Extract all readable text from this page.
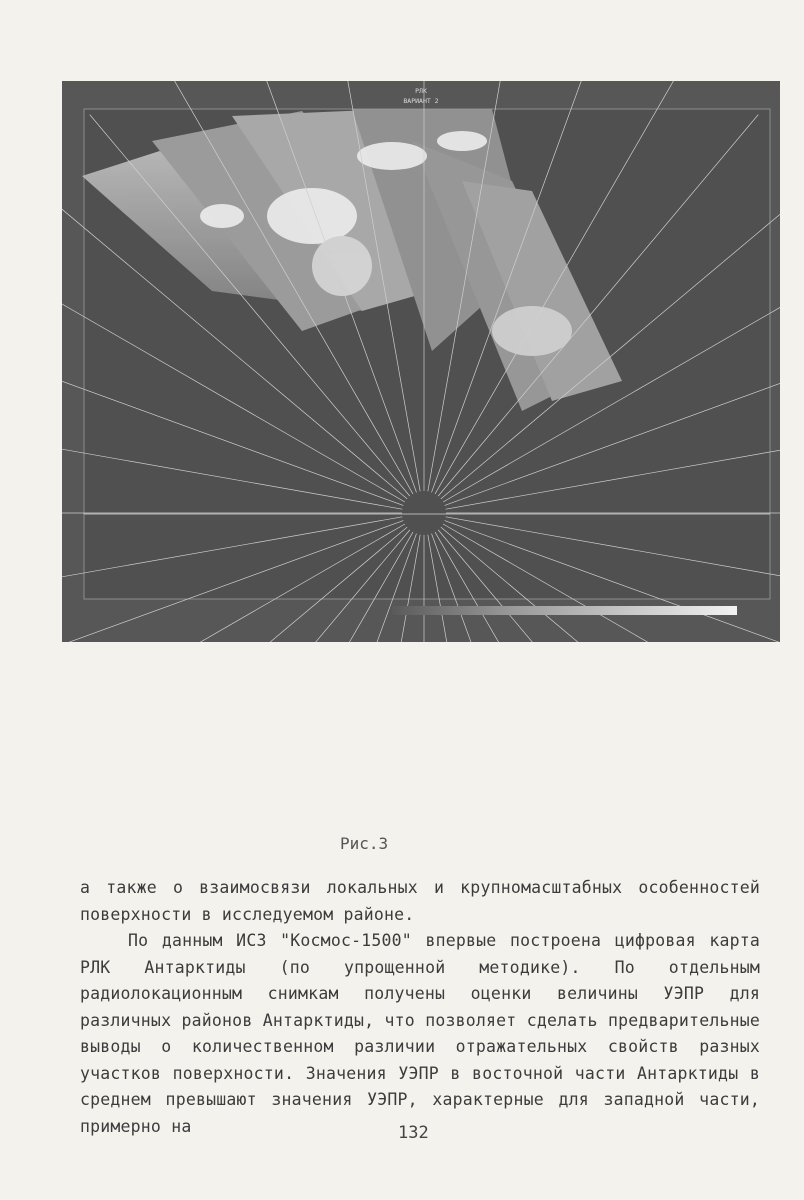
РЛК
ВАРИАНТ 2
Рис.3
а также о взаимосвязи локальных и крупномасштабных особенностей поверхности в исследуемом районе.
По данным ИСЗ "Космос-1500" впервые построена цифровая карта РЛК Антарктиды (по упрощенной методике). По отдельным радиолокационным снимкам получены оценки величины УЭПР для различных районов Антарктиды, что позволяет сделать предварительные выводы о количественном различии отражательных свойств разных участков поверхности. Значения УЭПР в восточной части Антарктиды в среднем превышают значения УЭПР, характерные для западной части, примерно на	132
